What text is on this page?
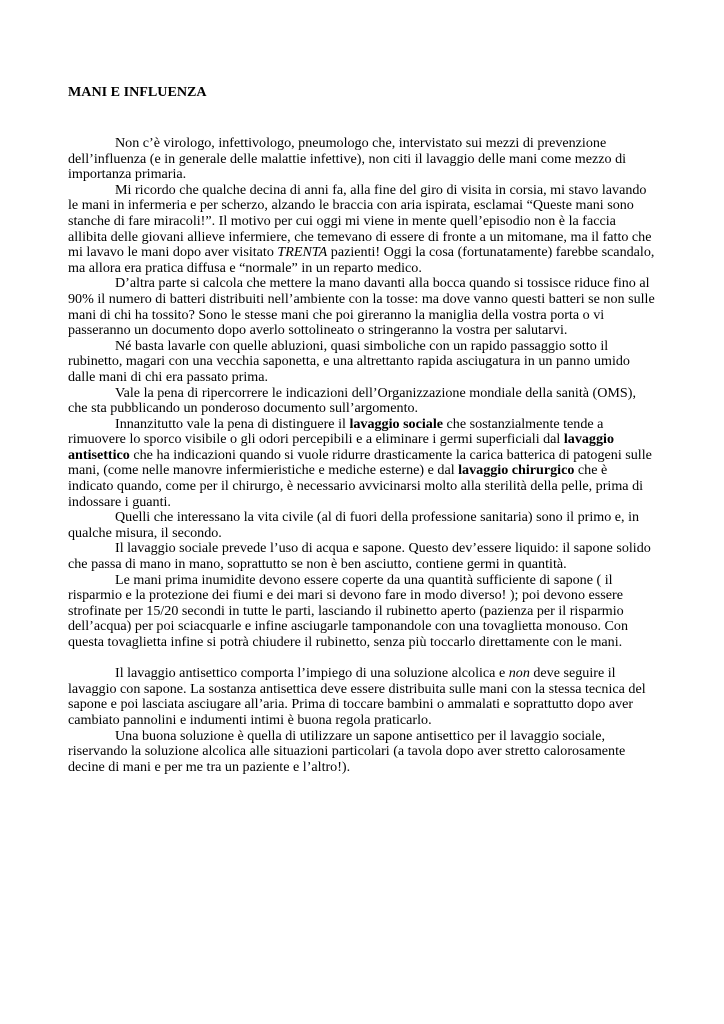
MANI E INFLUENZA

Non c’è virologo, infettivologo, pneumologo che, intervistato sui mezzi di prevenzione dell’influenza (e in generale delle malattie infettive), non citi il lavaggio delle mani come mezzo di importanza primaria.

Mi ricordo che qualche decina di anni fa, alla fine del giro di visita in corsia, mi stavo lavando le mani in infermeria e per scherzo, alzando le braccia con aria ispirata, esclamai “Queste mani sono stanche di fare miracoli!”. Il motivo per cui oggi mi viene in mente quell’episodio non è la faccia allibita delle giovani allieve infermiere, che temevano di essere di fronte a un mitomane, ma il fatto che mi lavavo le mani dopo aver visitato TRENTA pazienti! Oggi la cosa (fortunatamente) farebbe scandalo, ma allora era pratica diffusa e “normale” in un reparto medico.

D’altra parte si calcola che mettere la mano davanti alla bocca quando si tossisce riduce fino al 90% il numero di batteri distribuiti nell’ambiente con la tosse: ma dove vanno questi batteri se non sulle mani di chi ha tossito? Sono le stesse mani che poi gireranno la maniglia della vostra porta o vi passeranno un documento dopo averlo sottolineato o stringeranno la vostra per salutarvi.

Né basta lavarle con quelle abluzioni, quasi simboliche con un rapido passaggio sotto il rubinetto, magari con una vecchia saponetta, e una altrettanto rapida asciugatura in un panno umido dalle mani di chi era passato prima.

Vale la pena di ripercorrere le indicazioni dell’Organizzazione mondiale della sanità (OMS), che sta pubblicando un ponderoso documento sull’argomento.

Innanzitutto vale la pena di distinguere il lavaggio sociale che sostanzialmente tende a rimuovere lo sporco visibile o gli odori percepibili e a eliminare i germi superficiali dal lavaggio antisettico che ha indicazioni quando si vuole ridurre drasticamente la carica batterica di patogeni sulle mani, (come nelle manovre infermieristiche e mediche esterne) e dal lavaggio chirurgico che è indicato quando, come per il chirurgo, è necessario avvicinarsi molto alla sterilità della pelle, prima di indossare i guanti.

Quelli che interessano la vita civile (al di fuori della professione sanitaria) sono il primo e, in qualche misura, il secondo.

Il lavaggio sociale prevede l’uso di acqua e sapone. Questo dev’essere liquido: il sapone solido che passa di mano in mano, soprattutto se non è ben asciutto, contiene germi in quantità.

Le mani prima inumidite devono essere coperte da una quantità sufficiente di sapone ( il risparmio e la protezione dei fiumi e dei mari si devono fare in modo diverso! ); poi devono essere strofinate per 15/20 secondi in tutte le parti, lasciando il rubinetto aperto (pazienza per il risparmio dell’acqua) per poi sciacquarle e infine asciugarle tamponandole con una tovaglietta monouso. Con questa tovaglietta infine si potrà chiudere il rubinetto, senza più toccarlo direttamente con le mani.

Il lavaggio antisettico comporta l’impiego di una soluzione alcolica e non deve seguire il lavaggio con sapone. La sostanza antisettica deve essere distribuita sulle mani con la stessa tecnica del sapone e poi lasciata asciugare all’aria. Prima di toccare bambini o ammalati e soprattutto dopo aver cambiato pannolini e indumenti intimi è buona regola praticarlo.

Una buona soluzione è quella di utilizzare un sapone antisettico per il lavaggio sociale, riservando la soluzione alcolica alle situazioni particolari (a tavola dopo aver stretto calorosamente decine di mani e per me tra un paziente e l’altro!).
